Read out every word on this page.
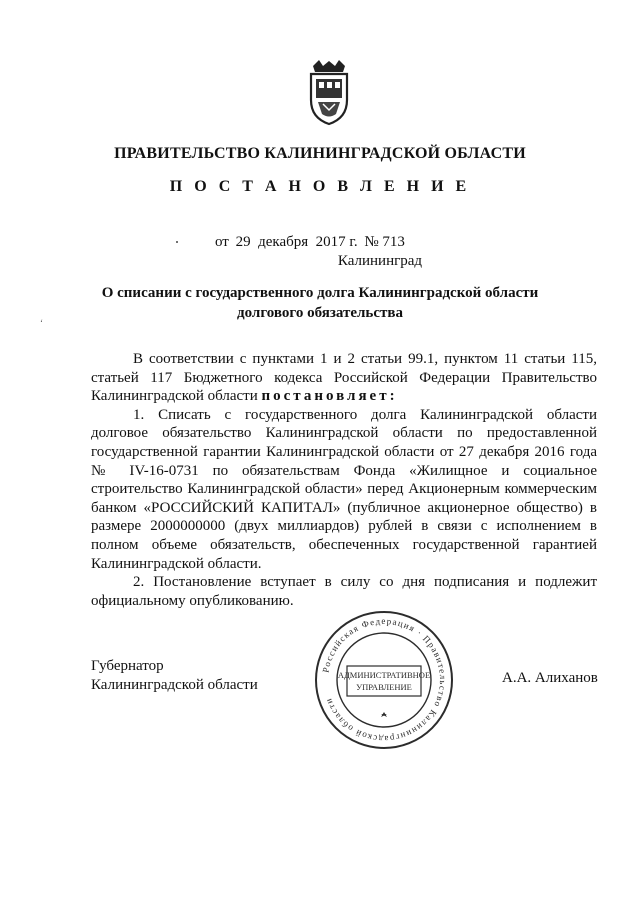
ПРАВИТЕЛЬСТВО КАЛИНИНГРАДСКОЙ ОБЛАСТИ
П О С Т А Н О В Л Е Н И Е
от 29  декабря  2017 г. № 713
Калининград
О списании с государственного долга Калининградской области
долгового обязательства
ʻ

В соответствии с пунктами 1 и 2 статьи 99.1, пунктом 11 статьи 115, статьей 117 Бюджетного кодекса Российской Федерации Правительство Калининградской области постановляет:

1. Списать с государственного долга Калининградской области долговое обязательство Калининградской области по предоставленной государственной гарантии Калининградской области от 27 декабря 2016 года № IV-16-0731 по обязательствам Фонда «Жилищное и социальное строительство Калининградской области» перед Акционерным коммерческим банком «РОССИЙСКИЙ КАПИТАЛ» (публичное акционерное общество) в размере 2000000000 (двух миллиардов) рублей в связи с исполнением в полном объеме обязательств, обеспеченных государственной гарантией Калининградской области.

2. Постановление вступает в силу со дня подписания и подлежит официальному опубликованию.

Российская Федерация · Правительство Калининградской области
АДМИНИСТРАТИВНОЕ
УПРАВЛЕНИЕ
Губернатор
Калининградской области	А.А. Алиханов
